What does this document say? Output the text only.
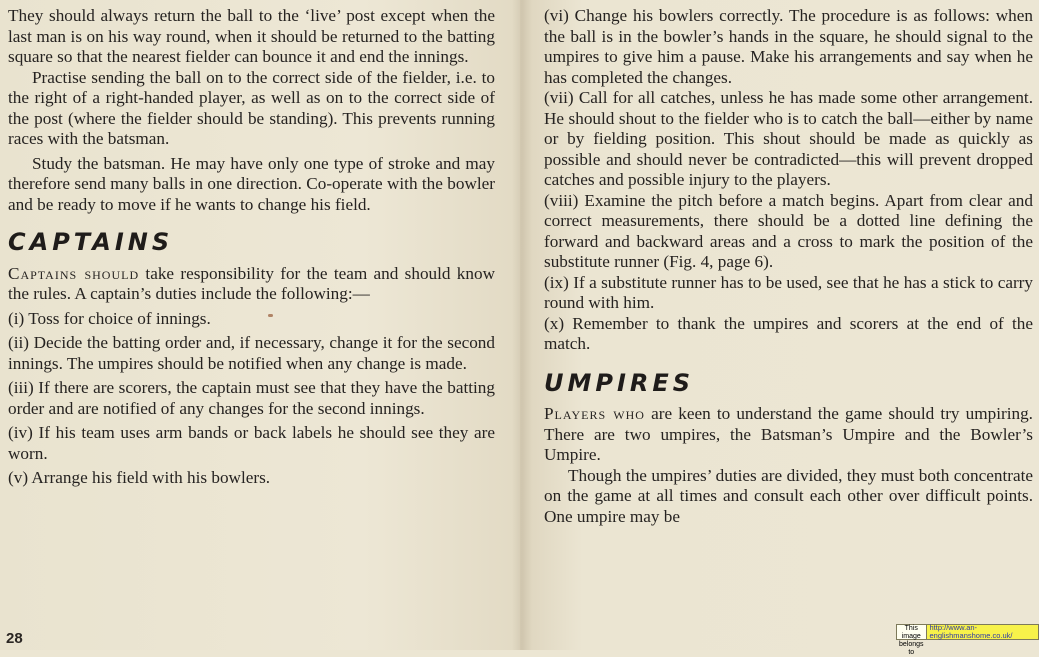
They should always return the ball to the ‘live’ post except when the last man is on his way round, when it should be returned to the batting square so that the nearest fielder can bounce it and end the innings.

Practise sending the ball on to the correct side of the fielder, i.e. to the right of a right-handed player, as well as on to the correct side of the post (where the fielder should be standing). This prevents running races with the batsman.

Study the batsman. He may have only one type of stroke and may therefore send many balls in one direction. Co-operate with the bowler and be ready to move if he wants to change his field.

CAPTAINS

Captains should take responsibility for the team and should know the rules. A captain’s duties include the following:—

(i) Toss for choice of innings.

(ii) Decide the batting order and, if necessary, change it for the second innings. The umpires should be notified when any change is made.

(iii) If there are scorers, the captain must see that they have the batting order and are notified of any changes for the second innings.

(iv) If his team uses arm bands or back labels he should see they are worn.

(v) Arrange his field with his bowlers.

28

(vi) Change his bowlers correctly. The procedure is as follows: when the ball is in the bowler’s hands in the square, he should signal to the umpires to give him a pause. Make his arrangements and say when he has completed the changes.

(vii) Call for all catches, unless he has made some other arrangement. He should shout to the fielder who is to catch the ball—either by name or by fielding position. This shout should be made as quickly as possible and should never be contradicted—this will prevent dropped catches and possible injury to the players.

(viii) Examine the pitch before a match begins. Apart from clear and correct measurements, there should be a dotted line defining the forward and backward areas and a cross to mark the position of the substitute runner (Fig. 4, page 6).

(ix) If a substitute runner has to be used, see that he has a stick to carry round with him.

(x) Remember to thank the umpires and scorers at the end of the match.

UMPIRES

Players who are keen to understand the game should try umpiring. There are two umpires, the Batsman’s Umpire and the Bowler’s Umpire.

Though the umpires’ duties are divided, they must both concentrate on the game at all times and consult each other over difficult points. One umpire may be

This image belongs to
http://www.an-englishmanshome.co.uk/
